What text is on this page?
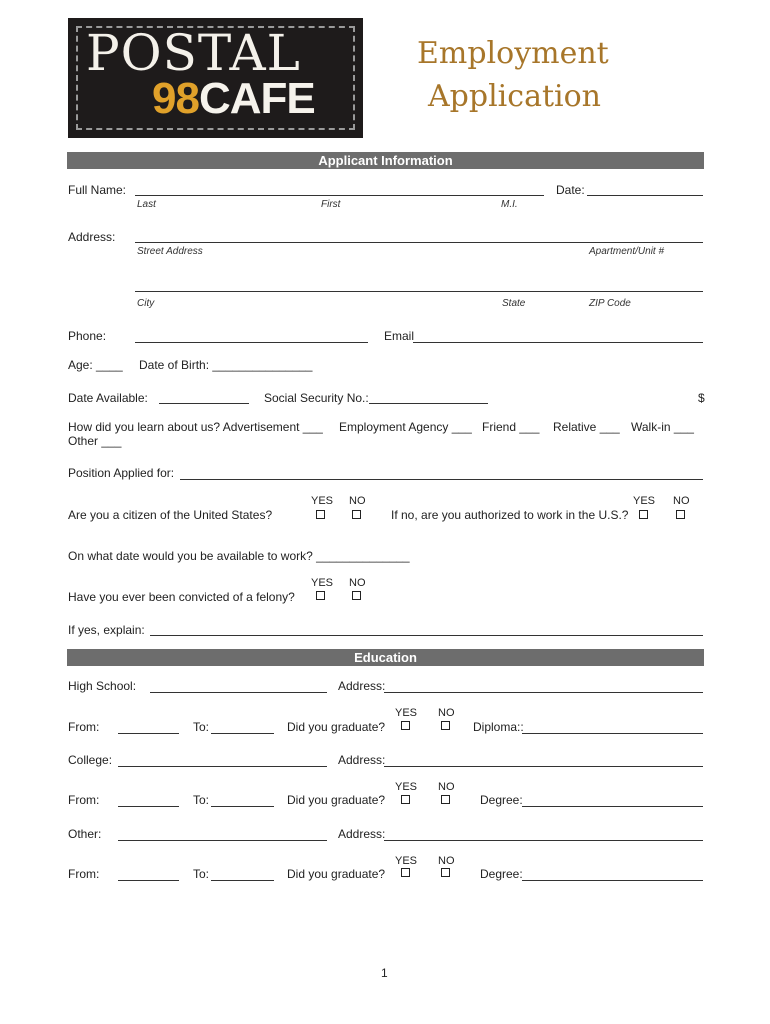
POSTAL
98CAFE
Employment
Application
Applicant Information
Full Name:	Date:
Last	First	M.I.
Address:
Street Address	Apartment/Unit #
City	State	ZIP Code
Phone:	Email
Age: ____ Date of Birth: _______________
Date Available:	Social Security No.:	$
How did you learn about us? Advertisement ___ Employment Agency ___ Friend ___ Relative ___ Walk-in ___
Other ___
Position Applied for:
YES NO
Are you a citizen of the United States?
YES NO
If no, are you authorized to work in the U.S.?
On what date would you be available to work? ______________
YES NO
Have you ever been convicted of a felony?
If yes, explain:
Education
High School:	Address:
YES NO
From:	To:	Did you graduate?	Diploma::
College:	Address:
YES NO
From:	To:	Did you graduate?	Degree:
Other:	Address:
YES NO
From:	To:	Did you graduate?	Degree:
1
